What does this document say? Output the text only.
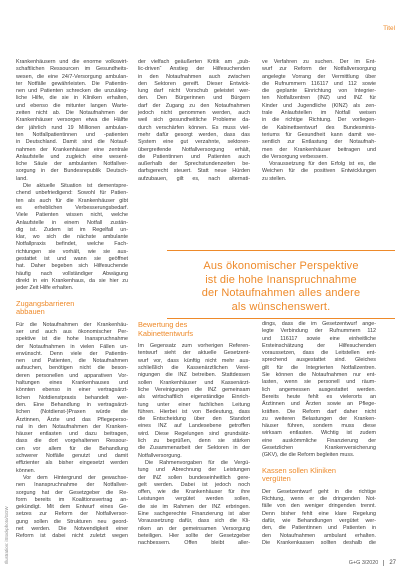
Titel
Krankenhäusern und die enorme volkswirt-
schaftlichen Ressourcen im Gesundheits-
wesen, die eine 24/7-Versorgung ambulan-
ter Notfälle gewährleisten. Die Patientin-
nen und Patienten schrecken die unzuläng-
liche Hilfe, die sie in Kliniken erhalten,
und ebenso die mitunter langen Warte-
zeiten nicht ab. Die Notaufnahmen der
Krankenhäuser versorgen etwa die Hälfte
der jährlich rund 19 Millionen ambulan-
ten Notfallpatientinnen und -patienten
in Deutschland. Damit sind die Notauf-
nahmen der Krankenhäuser eine zentrale
Anlaufstelle und zugleich eine wesent-
liche Säule der ambulanten Notfallver-
sorgung in der Bundesrepublik Deutsch-
land.
Die aktuelle Situation ist dementspre-
chend unbefriedigend: Sowohl für Patien-
ten als auch für die Krankenhäuser gibt
es erheblichen Verbesserungsbedarf.
Viele Patienten wissen nicht, welche
Anlaufstelle in einem Notfall zustän-
dig ist. Zudem ist im Regelfall un-
klar, wo sich die nächste ambulante
Notfallpraxis befindet, welche Fach-
richtungen sie vorhält, wie sie aus-
gestattet ist und wann sie geöffnet
hat. Daher begeben sich Hilfesuchende
häufig nach vollständiger Abwägung
direkt in ein Krankenhaus, da sie hier zu
jeder Zeit Hilfe erhalten.
Zugangsbarrieren
abbauen
Für die Notaufnahmen der Krankenhäu-
ser und auch aus ökonomischer Per-
spektive ist die hohe Inanspruchnahme
der Notaufnahmen in vielen Fällen un-
erwünscht. Denn viele der Patientin-
nen und Patienten, die Notaufnahmen
aufsuchen, benötigen nicht die beson-
deren personellen und apparativen Vor-
haltungen eines Krankenhauses und
könnten ebenso in einer vertragsärzt-
lichen Notdienstpraxis behandelt wer-
den. Eine Behandlung in vertragsärzt-
lichen (Notdienst-)Praxen würde die
Ärztinnen, Ärzte und das Pflegeperso-
nal in den Notaufnahmen der Kranken-
häuser entlasten und dazu beitragen,
dass die dort vorgehaltenen Ressour-
cen vor allem für die Behandlung
schwerer Notfälle genutzt und damit
effizienter als bisher eingesetzt werden
können.
Vor dem Hintergrund der gewachse-
nen Inanspruchnahme der Notfallver-
sorgung hat der Gesetzgeber die Re-
form bereits im Koalitionsvertrag an-
gekündigt. Mit dem Entwurf eines Ge-
setzes zur Reform der Notfallversor-
gung sollen die Strukturen neu geord-
net werden. Die Notwendigkeit einer
Reform ist dabei nicht zuletzt wegen
der vielfach geäußerten Kritik am „pub-
lic-driven“ Anstieg der Hilfesuchenden
in den Notaufnahmen auch zwischen
den Sektoren gereift. Dieser Entwick-
lung darf nicht Vorschub geleistet wer-
den. Den Bürgerinnen und Bürgern
darf der Zugang zu den Notaufnahmen
jedoch nicht genommen werden, auch
weil sich gesundheitliche Probleme da-
durch verschärfen können. Es muss viel-
mehr dafür gesorgt werden, dass das
System eine gut verzahnte, sektoren-
übergreifende Notfallversorgung erhält,
die Patientinnen und Patienten auch
außerhalb der Sprechstundenzeiten be-
darfsgerecht steuert. Statt neue Hürden
aufzubauen, gilt es, nach alternati-
ve Verfahren zu suchen. Der im Ent-
wurf zur Reform der Notfallversorgung
angelegte Vorrang der Vermittlung über
die Rufnummern 116117 und 112 sowie
die geplante Einrichtung von Integrier-
ten Notfallzentren (INZ) und INZ für
Kinder und Jugendliche (KINZ) als zen-
trale Anlaufstellen im Notfall weisen
in die richtige Richtung. Der vorliegen-
de Kabinettsentwurf des Bundesminis-
teriums für Gesundheit kann damit we-
sentlich zur Entlastung der Notaufnah-
men der Krankenhäuser beitragen und
die Versorgung verbessern.
Voraussetzung für den Erfolg ist es, die
Weichen für die positiven Entwicklungen
zu stellen.
Aus ökonomischer Perspektive
ist die hohe Inanspruchnahme
der Notaufnahmen alles andere
als wünschenswert.
Bewertung des
Kabinettentwurfs
Im Gegensatz zum vorherigen Referen-
tentwurf sieht der aktuelle Gesetzent-
wurf vor, dass künftig nicht mehr aus-
schließlich die Kassenärztlichen Verei-
nigungen die INZ betreiben. Stattdessen
sollen Krankenhäuser und Kassenärzt-
liche Vereinigungen die INZ gemeinsam
als wirtschaftlich eigenständige Einrich-
tung unter einer fachlichen Leitung
führen. Hierbei ist von Bedeutung, dass
die Entscheidung über den Standort
eines INZ auf Landesebene getroffen
wird. Diese Regelungen sind grundsätz-
lich zu begrüßen, denn sie stärken
die Zusammenarbeit der Sektoren in der
Notfallversorgung.
Die Rahmenvorgaben für die Vergü-
tung und Abrechnung der Leistungen
der INZ sollen bundeseinheitlich gere-
gelt werden. Dabei ist jedoch noch
offen, wie die Krankenhäuser für ihre
Leistungen vergütet werden sollen,
die sie im Rahmen der INZ erbringen.
Eine sachgerechte Finanzierung ist aber
Voraussetzung dafür, dass sich die Kli-
niken an der gemeinsamen Versorgung
beteiligen. Hier sollte der Gesetzgeber
nachbessern. Offen bleibt aller-
dings, dass die im Gesetzentwurf ange-
legte Verbindung der Rufnummern 112
und 116117 sowie eine einheitliche
Ersteinschätzung der Hilfesuchenden
voraussetzen, dass die Leitstellen ent-
sprechend ausgestattet sind. Gleiches
gilt für die Integrierten Notfallzentren.
Sie können die Notaufnahmen nur ent-
lasten, wenn sie personell und räum-
lich angemessen ausgestattet werden.
Bereits heute fehlt es vielerorts an
Ärztinnen und Ärzten sowie an Pflege-
kräften. Die Reform darf daher nicht
zu weiteren Belastungen der Kranken-
häuser führen, sondern muss diese
wirksam entlasten. Wichtig ist zudem
eine auskömmliche Finanzierung der
Gesetzlichen Krankenversicherung
(GKV), die die Reform begleiten muss.
Kassen sollen Kliniken
vergüten
Der Gesetzentwurf geht in die richtige
Richtung, wenn er die dringenden Not-
fälle von den weniger dringenden trennt.
Denn bisher fehlt eine klare Regelung
dafür, wie Behandlungen vergütet wer-
den, die Patientinnen und Patienten in
den Notaufnahmen ambulant erhalten.
Die Krankenkassen sollten deshalb die
Illustration: iStockphoto/GGW	G+G 3/2020 27
